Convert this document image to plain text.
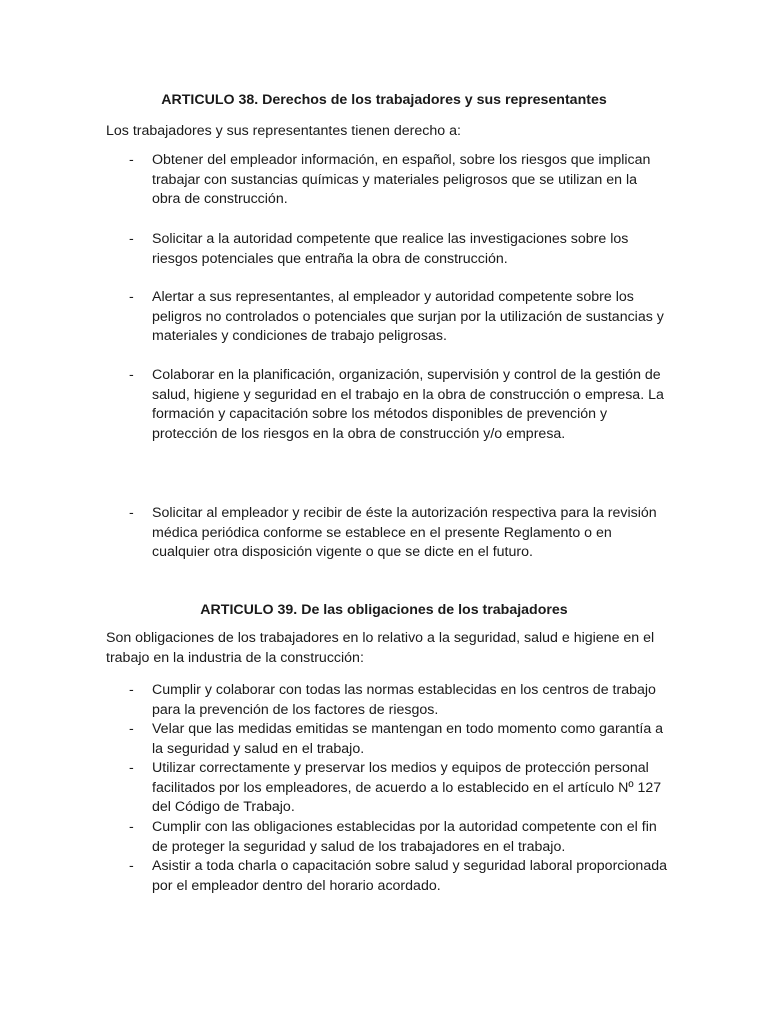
ARTICULO 38. Derechos de los trabajadores y sus representantes

Los trabajadores y sus representantes tienen derecho a:

-	Obtener del empleador información, en español, sobre los riesgos que implican trabajar con sustancias químicas y materiales peligrosos que se utilizan en la obra de construcción.
-	Solicitar a la autoridad competente que realice las investigaciones sobre los riesgos potenciales que entraña la obra de construcción.
-	Alertar a sus representantes, al empleador y autoridad competente sobre los peligros no controlados o potenciales que surjan por la utilización de sustancias y materiales y condiciones de trabajo peligrosas.
-	Colaborar en la planificación, organización, supervisión y control de la gestión de salud, higiene y seguridad en el trabajo en la obra de construcción o empresa. La formación y capacitación sobre los métodos disponibles de prevención y protección de los riesgos en la obra de construcción y/o empresa.
-	Solicitar al empleador y recibir de éste la autorización respectiva para la revisión médica periódica conforme se establece en el presente Reglamento o en cualquier otra disposición vigente o que se dicte en el futuro.
ARTICULO 39. De las obligaciones de los trabajadores

Son obligaciones de los trabajadores en lo relativo a la seguridad, salud e higiene en el trabajo en la industria de la construcción:

-	Cumplir y colaborar con todas las normas establecidas en los centros de trabajo para la prevención de los factores de riesgos.
-	Velar que las medidas emitidas se mantengan en todo momento como garantía a la seguridad y salud en el trabajo.
-	Utilizar correctamente y preservar los medios y equipos de protección personal facilitados por los empleadores, de acuerdo a lo establecido en el artículo Nº 127 del Código de Trabajo.
-	Cumplir con las obligaciones establecidas por la autoridad competente con el fin de proteger la seguridad y salud de los trabajadores en el trabajo.
-	Asistir a toda charla o capacitación sobre salud y seguridad laboral proporcionada por el empleador dentro del horario acordado.
